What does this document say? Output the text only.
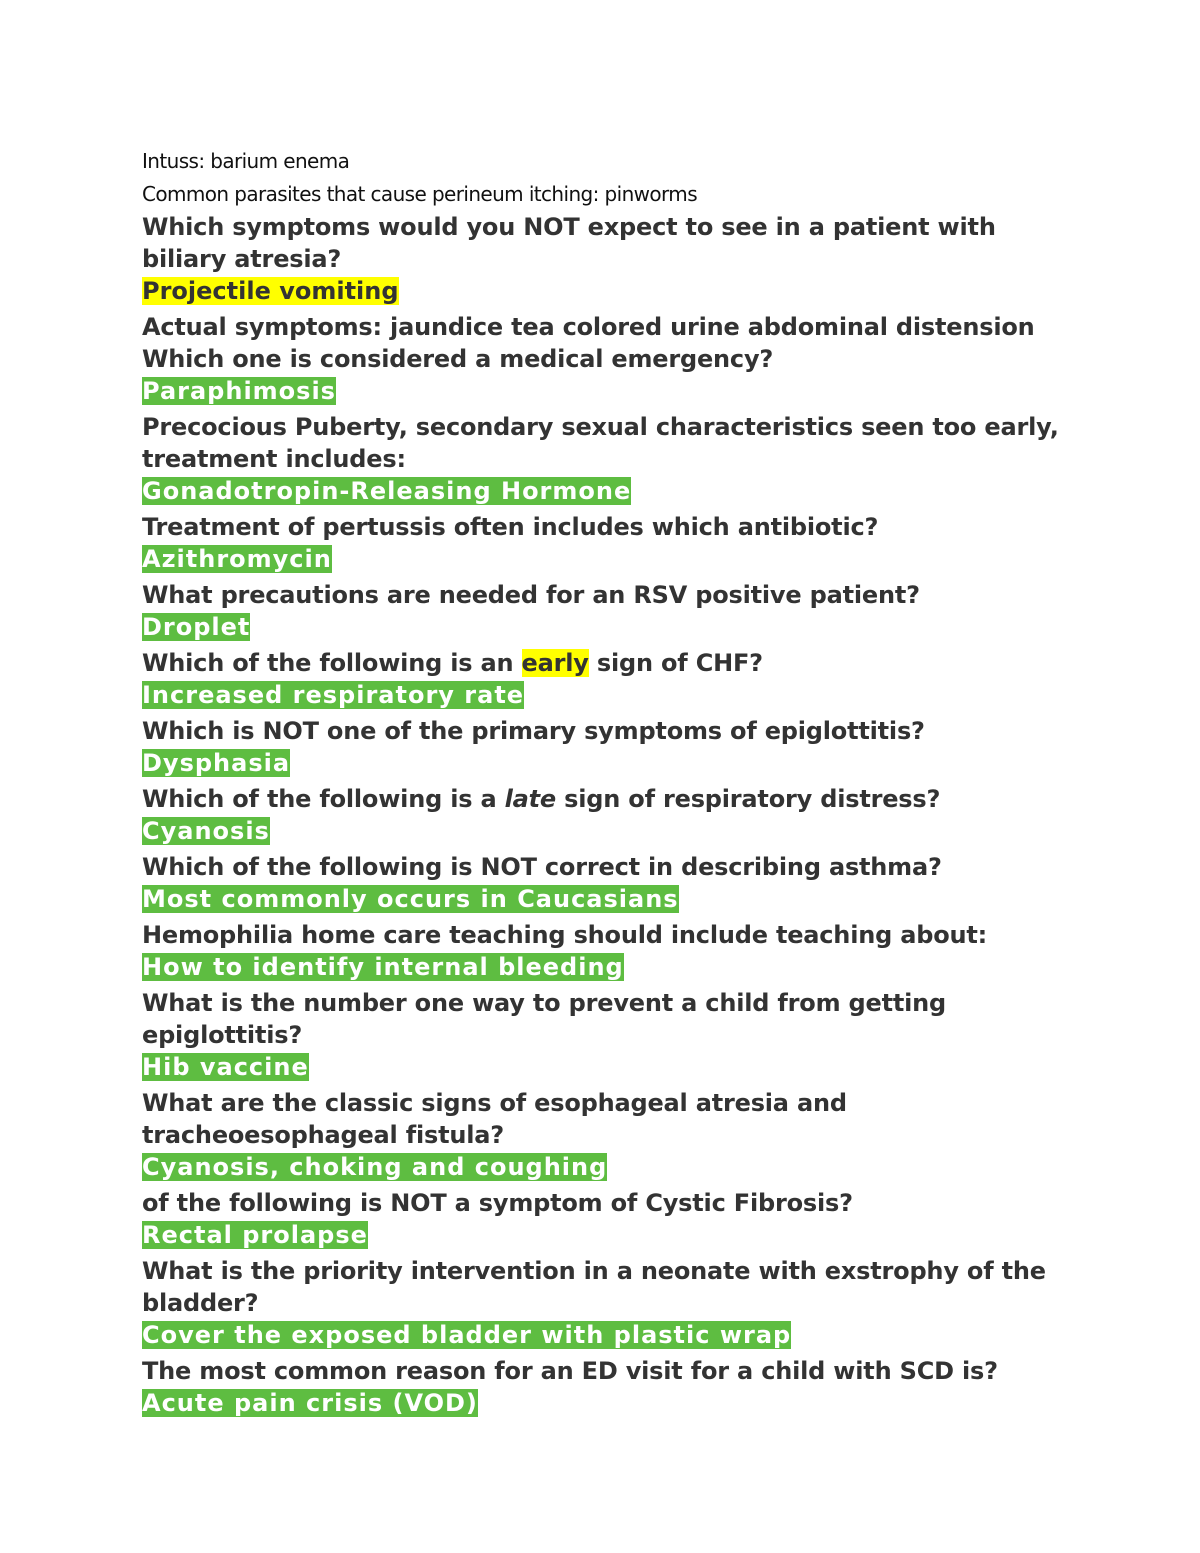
Intuss: barium enema
Common parasites that cause perineum itching: pinworms
Which symptoms would you NOT expect to see in a patient with biliary atresia?
Projectile vomiting
Actual symptoms: jaundice tea colored urine abdominal distension
Which one is considered a medical emergency?
Paraphimosis
Precocious Puberty, secondary sexual characteristics seen too early, treatment includes:
Gonadotropin-Releasing Hormone
Treatment of pertussis often includes which antibiotic?
Azithromycin
What precautions are needed for an RSV positive patient?
Droplet
Which of the following is an early sign of CHF?
Increased respiratory rate
Which is NOT one of the primary symptoms of epiglottitis?
Dysphasia
Which of the following is a late sign of respiratory distress?
Cyanosis
Which of the following is NOT correct in describing asthma?
Most commonly occurs in Caucasians
Hemophilia home care teaching should include teaching about:
How to identify internal bleeding
What is the number one way to prevent a child from getting epiglottitis?
Hib vaccine
What are the classic signs of esophageal atresia and tracheoesophageal fistula?
Cyanosis, choking and coughing
of the following is NOT a symptom of Cystic Fibrosis?
Rectal prolapse
What is the priority intervention in a neonate with exstrophy of the bladder?
Cover the exposed bladder with plastic wrap
The most common reason for an ED visit for a child with SCD is?
Acute pain crisis (VOD)
